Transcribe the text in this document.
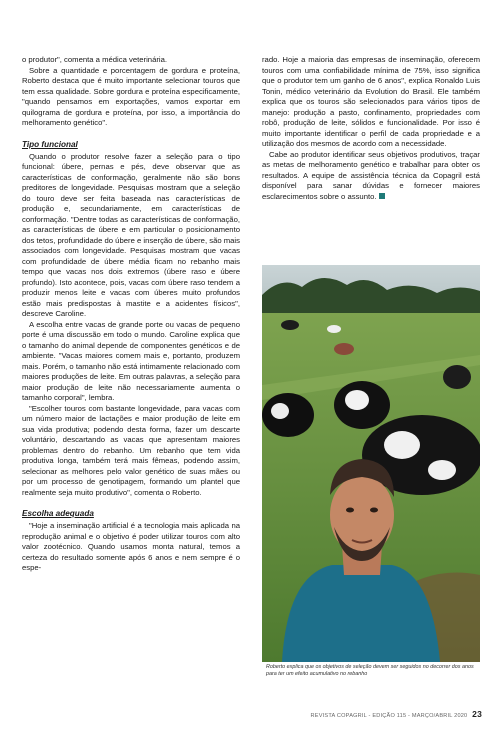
o produtor", comenta a médica veterinária.

Sobre a quantidade e porcentagem de gordura e proteína, Roberto destaca que é muito importante selecionar touros que tem essa qualidade. Sobre gordura e proteína especificamente, "quando pensamos em exportações, vamos exportar em quilograma de gordura e proteína, por isso, a importância do melhoramento genético".

Tipo funcional

Quando o produtor resolve fazer a seleção para o tipo funcional: úbere, pernas e pés, deve observar que as características de conformação, geralmente não são bons preditores de longevidade. Pesquisas mostram que a seleção do touro deve ser feita baseada nas características de produção e, secundariamente, em características de conformação. "Dentre todas as características de conformação, as características de úbere e em particular o posicionamento dos tetos, profundidade do úbere e inserção de úbere, são mais associados com longevidade. Pesquisas mostram que vacas com profundidade de úbere média ficam no rebanho mais tempo que vacas nos dois extremos (úbere raso e úbere profundo). Isto acontece, pois, vacas com úbere raso tendem a produzir menos leite e vacas com úberes muito profundos estão mais predispostas à mastite e a acidentes físicos", descreve Caroline.

A escolha entre vacas de grande porte ou vacas de pequeno porte é uma discussão em todo o mundo. Caroline explica que o tamanho do animal depende de componentes genéticos e de ambiente. "Vacas maiores comem mais e, portanto, produzem mais. Porém, o tamanho não está intimamente relacionado com maiores produções de leite. Em outras palavras, a seleção para maior produção de leite não necessariamente aumenta o tamanho corporal", lembra.

"Escolher touros com bastante longevidade, para vacas com um número maior de lactações e maior produção de leite em sua vida produtiva; podendo desta forma, fazer um descarte voluntário, descartando as vacas que apresentam maiores problemas dentro do rebanho. Um rebanho que tem vida produtiva longa, também terá mais fêmeas, podendo assim, selecionar as melhores pelo valor genético de suas mães ou por um processo de genotipagem, formando um plantel que realmente seja muito produtivo", comenta o Roberto.

Escolha adequada

"Hoje a inseminação artificial é a tecnologia mais aplicada na reprodução animal e o objetivo é poder utilizar touros com alto valor zootécnico. Quando usamos monta natural, temos a certeza do resultado somente após 6 anos e nem sempre é o espe-

rado. Hoje a maioria das empresas de inseminação, oferecem touros com uma confiabilidade mínima de 75%, isso significa que o produtor tem um ganho de 6 anos", explica Ronaldo Luis Tonin, médico veterinário da Evolution do Brasil. Ele também explica que os touros são selecionados para vários tipos de manejo: produção a pasto, confinamento, propriedades com robô, produção de leite, sólidos e funcionalidade. Por isso é muito importante identificar o perfil de cada propriedade e a utilização dos mesmos de acordo com a necessidade.

Cabe ao produtor identificar seus objetivos produtivos, traçar as metas de melhoramento genético e trabalhar para obter os resultados. A equipe de assistência técnica da Copagril está disponível para sanar dúvidas e fornecer maiores esclarecimentos sobre o assunto.

Roberto explica que os objetivos de seleção devem ser seguidos no decorrer dos anos para ter um efeito acumulativo no rebanho
REVISTA COPAGRIL - EDIÇÃO 115 - MARÇO/ABRIL 2020 23
